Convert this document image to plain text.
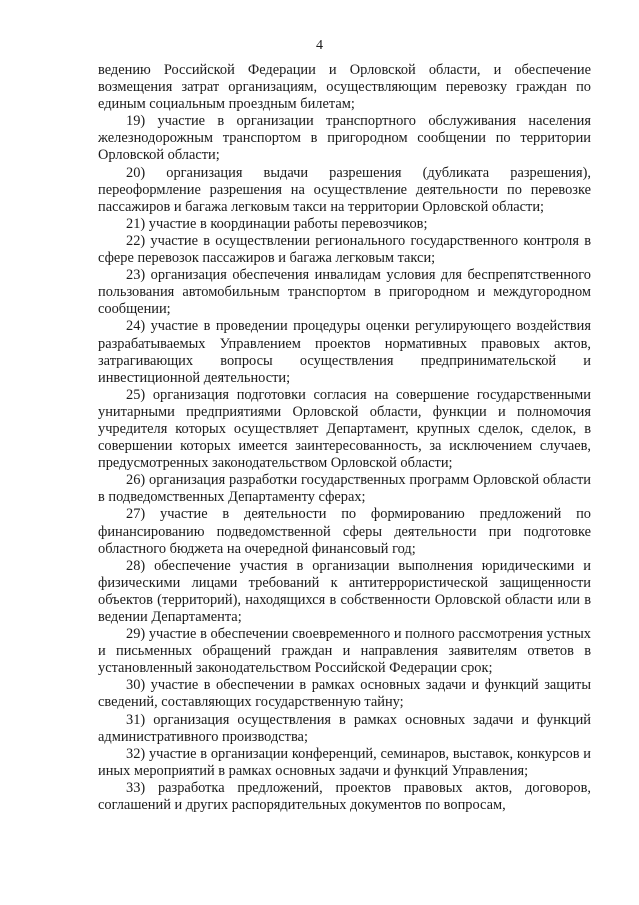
4

ведению Российской Федерации и Орловской области, и обеспечение возмещения затрат организациям, осуществляющим перевозку граждан по единым социальным проездным билетам;

19) участие в организации транспортного обслуживания населения железнодорожным транспортом в пригородном сообщении по территории Орловской области;

20) организация выдачи разрешения (дубликата разрешения), переоформление разрешения на осуществление деятельности по перевозке пассажиров и багажа легковым такси на территории Орловской области;

21) участие в координации работы перевозчиков;

22) участие в осуществлении регионального государственного контроля в сфере перевозок пассажиров и багажа легковым такси;

23) организация обеспечения инвалидам условия для беспрепятственного пользования автомобильным транспортом в пригородном и междугородном сообщении;

24) участие в проведении процедуры оценки регулирующего воздействия разрабатываемых Управлением проектов нормативных правовых актов, затрагивающих вопросы осуществления предпринимательской и инвестиционной деятельности;

25) организация подготовки согласия на совершение государственными унитарными предприятиями Орловской области, функции и полномочия учредителя которых осуществляет Департамент, крупных сделок, сделок, в совершении которых имеется заинтересованность, за исключением случаев, предусмотренных законодательством Орловской области;

26) организация разработки государственных программ Орловской области в подведомственных Департаменту сферах;

27) участие в деятельности по формированию предложений по финансированию подведомственной сферы деятельности при подготовке областного бюджета на очередной финансовый год;

28) обеспечение участия в организации выполнения юридическими и физическими лицами требований к антитеррористической защищенности объектов (территорий), находящихся в собственности Орловской области или в ведении Департамента;

29) участие в обеспечении своевременного и полного рассмотрения устных и письменных обращений граждан и направления заявителям ответов в установленный законодательством Российской Федерации срок;

30) участие в обеспечении в рамках основных задачи и функций защиты сведений, составляющих государственную тайну;

31) организация осуществления в рамках основных задачи и функций административного производства;

32) участие в организации конференций, семинаров, выставок, конкурсов и иных мероприятий в рамках основных задачи и функций Управления;

33) разработка предложений, проектов правовых актов, договоров, соглашений и других распорядительных документов по вопросам,
